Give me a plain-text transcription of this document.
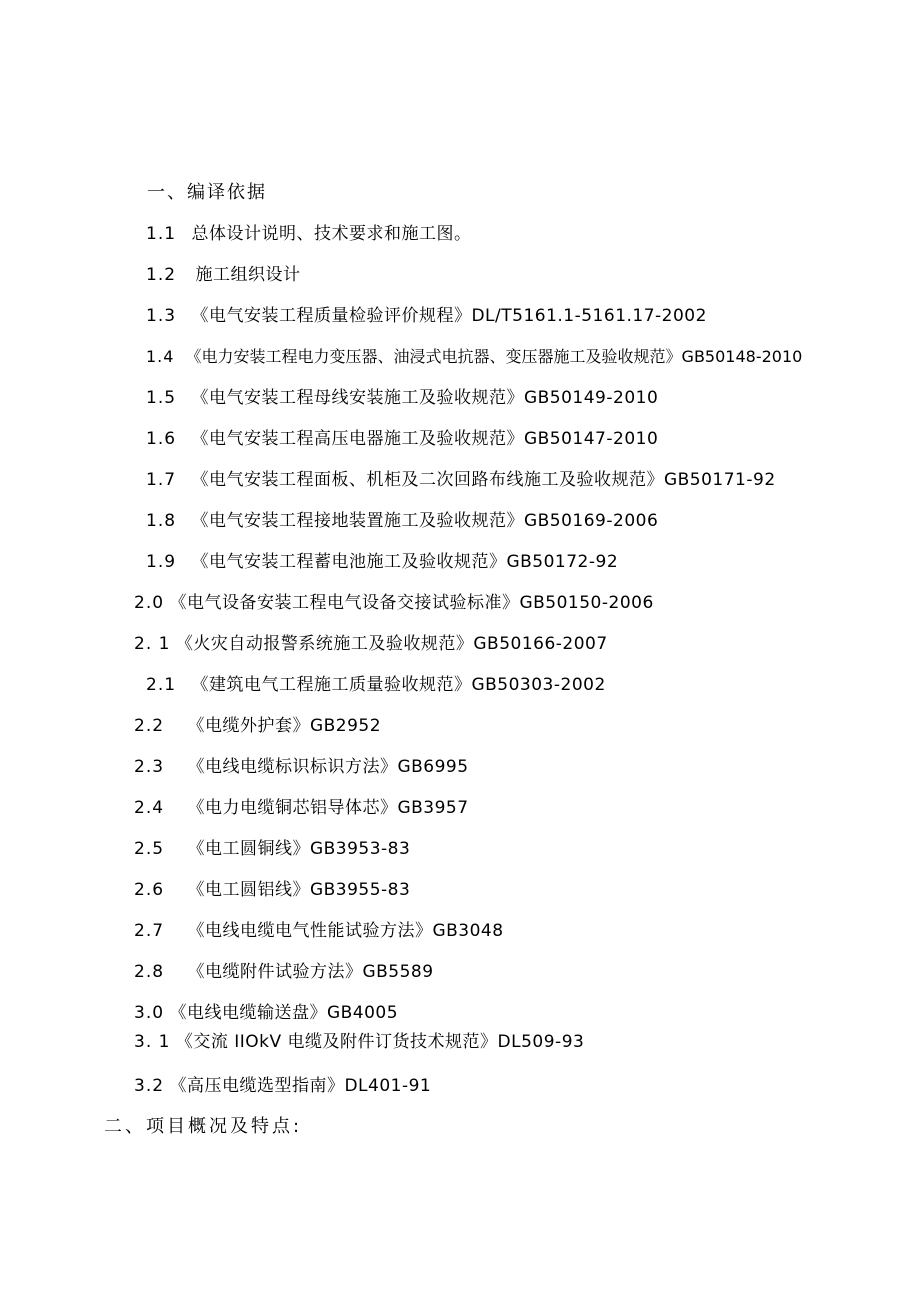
一、编译依据
1.1 总体设计说明、技术要求和施工图。
1.2 施工组织设计
1.3 《电气安装工程质量检验评价规程》DL/T5161.1-5161.17-2002
1.4 《电力安装工程电力变压器、油浸式电抗器、变压器施工及验收规范》GB50148-2010
1.5 《电气安装工程母线安装施工及验收规范》GB50149-2010
1.6 《电气安装工程高压电器施工及验收规范》GB50147-2010
1.7 《电气安装工程面板、机柜及二次回路布线施工及验收规范》GB50171-92
1.8 《电气安装工程接地装置施工及验收规范》GB50169-2006
1.9 《电气安装工程蓄电池施工及验收规范》GB50172-92
2.0 《电气设备安装工程电气设备交接试验标准》GB50150-2006
2. 1 《火灾自动报警系统施工及验收规范》GB50166-2007
2.1 《建筑电气工程施工质量验收规范》GB50303-2002
2.2 《电缆外护套》GB2952
2.3 《电线电缆标识标识方法》GB6995
2.4 《电力电缆铜芯铝导体芯》GB3957
2.5 《电工圆铜线》GB3953-83
2.6 《电工圆铝线》GB3955-83
2.7 《电线电缆电气性能试验方法》GB3048
2.8 《电缆附件试验方法》GB5589
3.0 《电线电缆输送盘》GB4005
3. 1 《交流 IIOkV 电缆及附件订货技术规范》DL509-93
3.2 《高压电缆选型指南》DL401-91
二、项目概况及特点:
